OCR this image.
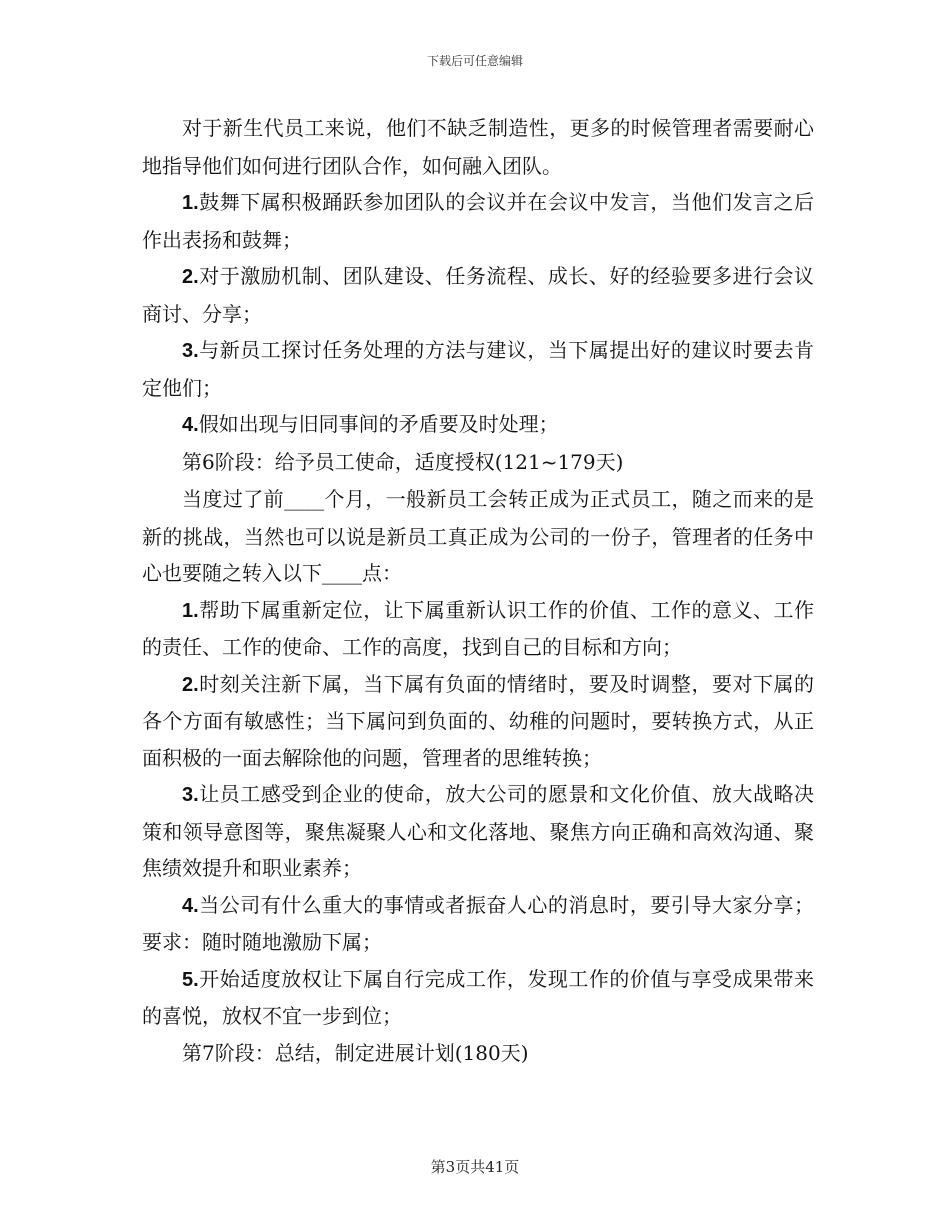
下载后可任意编辑

对于新生代员工来说，他们不缺乏制造性，更多的时候管理者需要耐心地指导他们如何进行团队合作，如何融入团队。

1.鼓舞下属积极踊跃参加团队的会议并在会议中发言，当他们发言之后作出表扬和鼓舞；

2.对于激励机制、团队建设、任务流程、成长、好的经验要多进行会议商讨、分享；

3.与新员工探讨任务处理的方法与建议，当下属提出好的建议时要去肯定他们；

4.假如出现与旧同事间的矛盾要及时处理；

第6阶段：给予员工使命，适度授权(121~179天)

当度过了前____个月，一般新员工会转正成为正式员工，随之而来的是新的挑战，当然也可以说是新员工真正成为公司的一份子，管理者的任务中心也要随之转入以下____点：

1.帮助下属重新定位，让下属重新认识工作的价值、工作的意义、工作的责任、工作的使命、工作的高度，找到自己的目标和方向；

2.时刻关注新下属，当下属有负面的情绪时，要及时调整，要对下属的各个方面有敏感性；当下属问到负面的、幼稚的问题时，要转换方式，从正面积极的一面去解除他的问题，管理者的思维转换；

3.让员工感受到企业的使命，放大公司的愿景和文化价值、放大战略决策和领导意图等，聚焦凝聚人心和文化落地、聚焦方向正确和高效沟通、聚焦绩效提升和职业素养；

4.当公司有什么重大的事情或者振奋人心的消息时，要引导大家分享；要求：随时随地激励下属；

5.开始适度放权让下属自行完成工作，发现工作的价值与享受成果带来的喜悦，放权不宜一步到位；

第7阶段：总结，制定进展计划(180天)

第3页共41页
